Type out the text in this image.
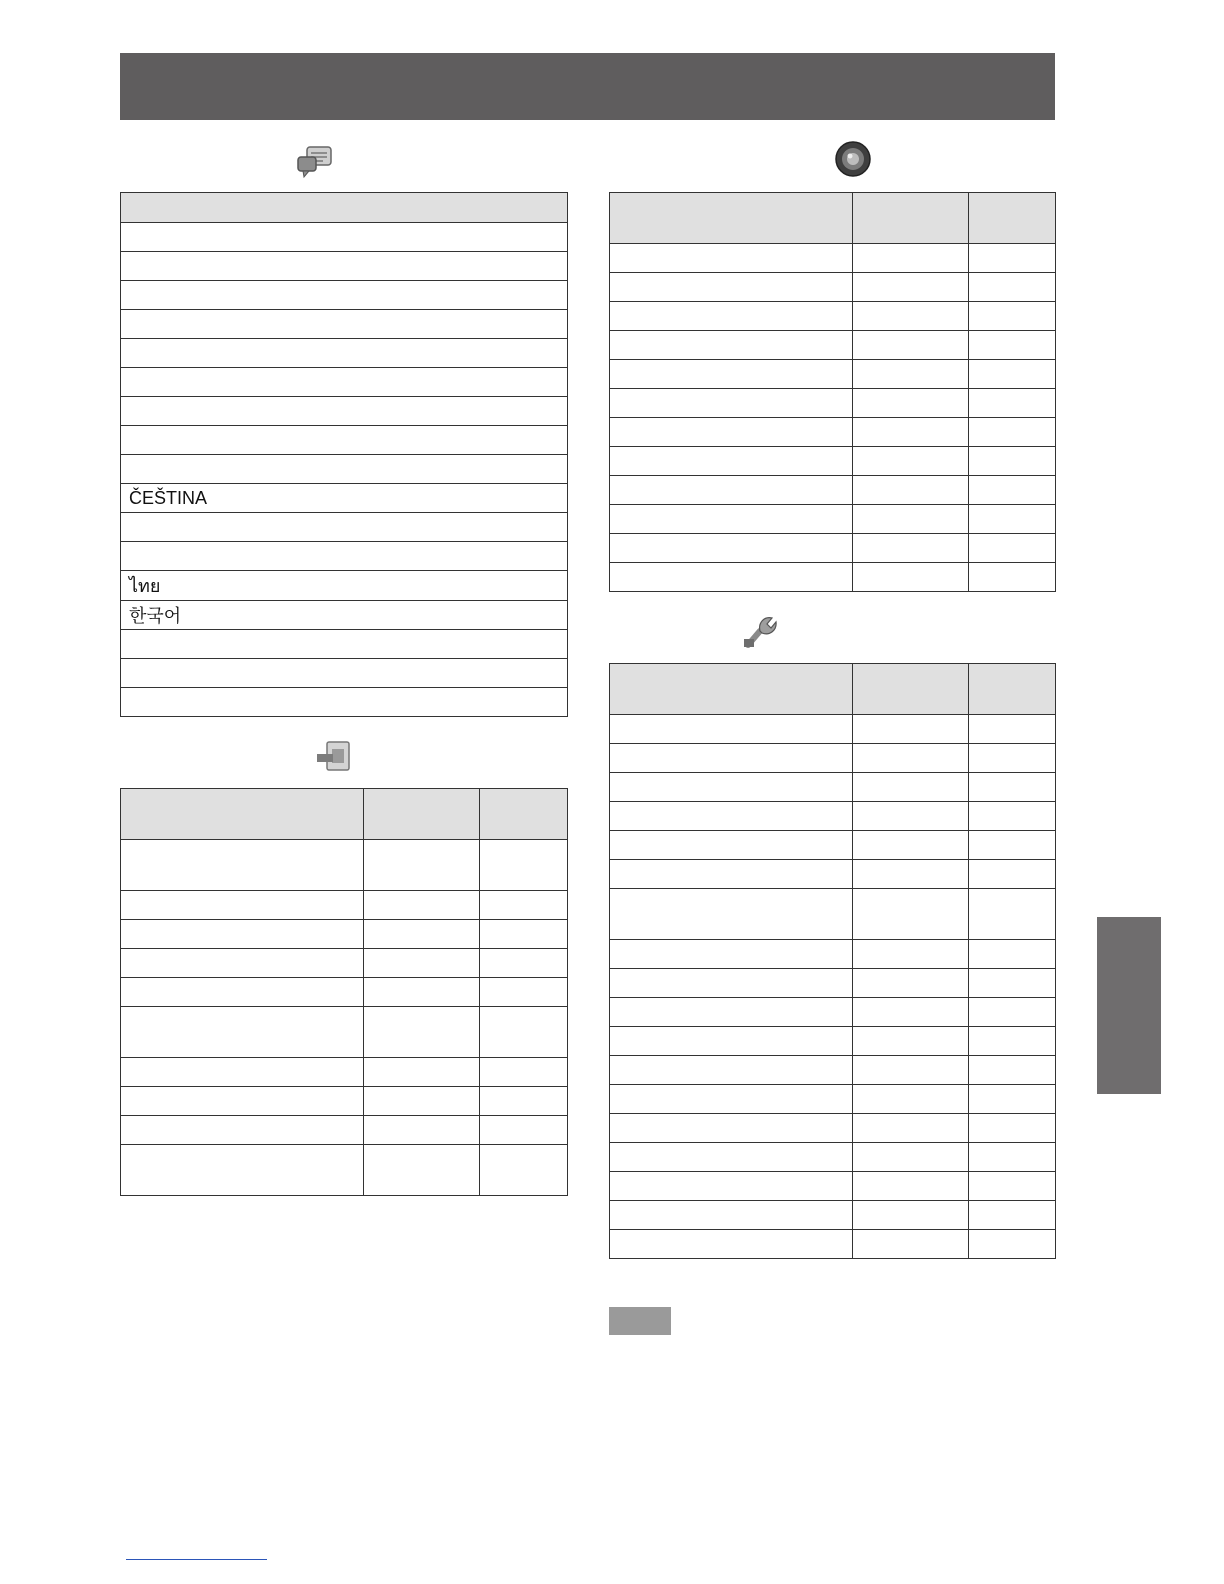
ČEŠTINA

ไทย
한국어
